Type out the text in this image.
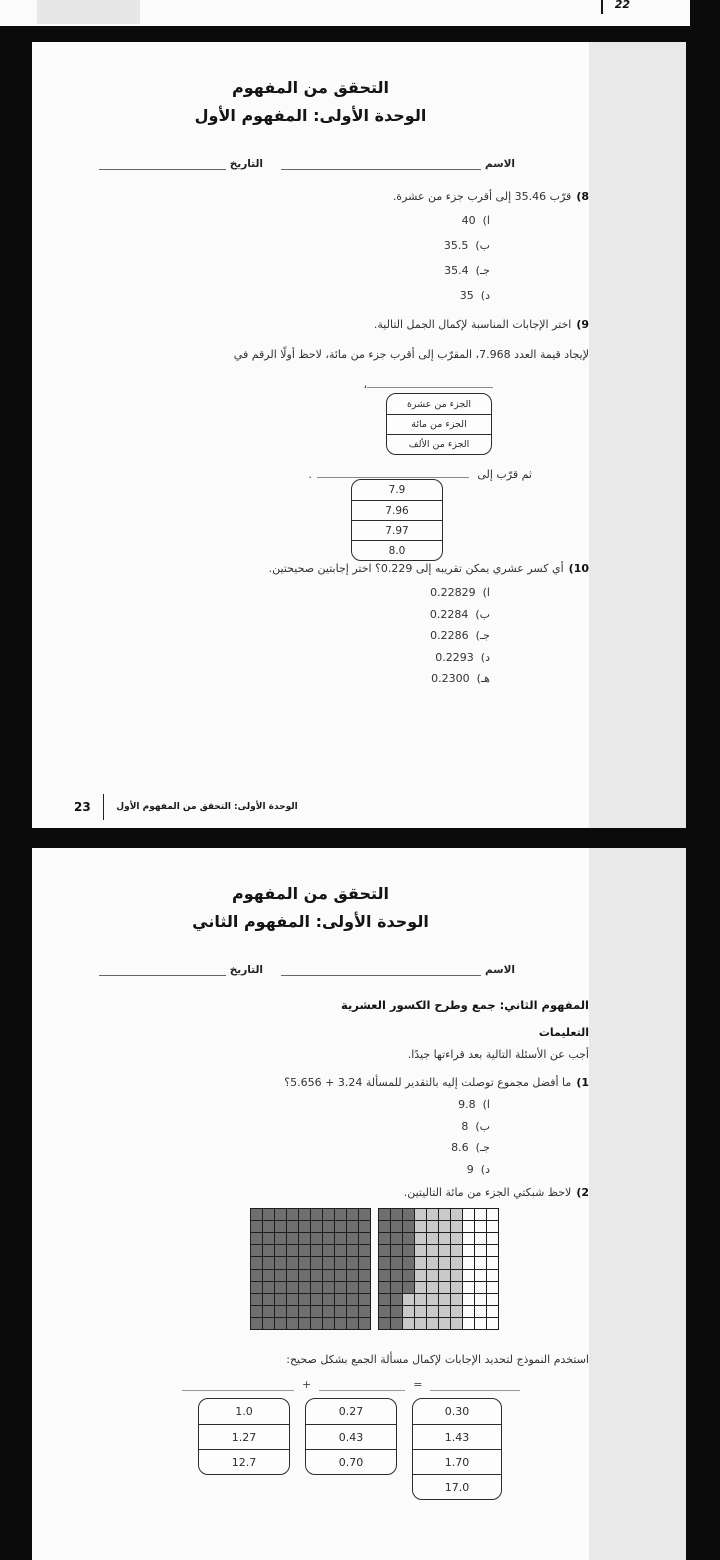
22
التحقق من المفهوم
الوحدة الأولى: المفهوم الأول
الاسم
التاريخ
8)قرّب 35.46 إلى أقرب جزء من عشرة.
ا)
40
ب)
35.5
جـ)
35.4
د)
35
9)اختر الإجابات المناسبة لإكمال الجمل التالية.
لإيجاد قيمة العدد 7.968، المقرّب إلى أقرب جزء من مائة، لاحظ أولًا الرقم في
،
الجزء من عشرة
الجزء من مائة
الجزء من الألف
ثم قرّب إلى .
7.9
7.96
7.97
8.0
10)أي كسر عشري يمكن تقريبه إلى 0.229؟ اختر إجابتين صحيحتين.
ا)
0.22829
ب)
0.2284
جـ)
0.2286
د)
0.2293
هـ)
0.2300
23	الوحدة الأولى: التحقق من المفهوم الأول
التحقق من المفهوم
الوحدة الأولى: المفهوم الثاني
الاسم
التاريخ
المفهوم الثاني: جمع وطرح الكسور العشرية
التعليمات
أجب عن الأسئلة التالية بعد قراءتها جيدًا.
1)ما أفضل مجموع توصلت إليه بالتقدير للمسألة 3.24 + 5.656؟
ا)
9.8
ب)
8
جـ)
8.6
د)
9
2)لاحظ شبكتي الجزء من مائة التاليتين.
استخدم النموذج لتحديد الإجابات لإكمال مسألة الجمع بشكل صحيح:
+	=
1.0
1.27
12.7
0.27
0.43
0.70
0.30
1.43
1.70
17.0
